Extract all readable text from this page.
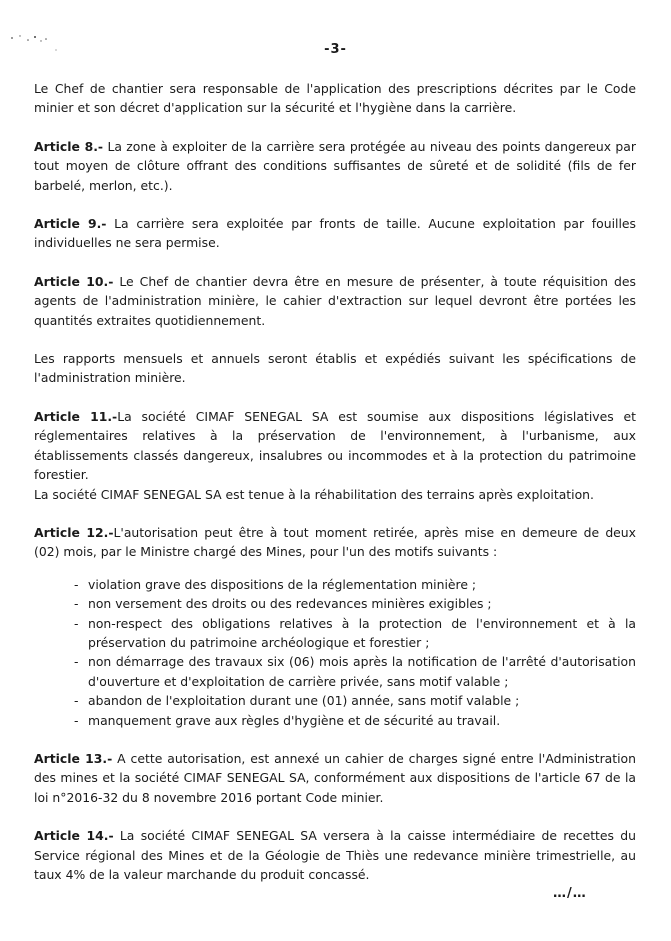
-3-

Le Chef de chantier sera responsable de l'application des prescriptions décrites par le Code minier et son décret d'application sur la sécurité et l'hygiène dans la carrière.

Article 8.- La zone à exploiter de la carrière sera protégée au niveau des points dangereux par tout moyen de clôture offrant des conditions suffisantes de sûreté et de solidité (fils de fer barbelé, merlon, etc.).

Article 9.- La carrière sera exploitée par fronts de taille. Aucune exploitation par fouilles individuelles ne sera permise.

Article 10.- Le Chef de chantier devra être en mesure de présenter, à toute réquisition des agents de l'administration minière, le cahier d'extraction sur lequel devront être portées les quantités extraites quotidiennement.

Les rapports mensuels et annuels seront établis et expédiés suivant les spécifications de l'administration minière.

Article 11.-La société CIMAF SENEGAL SA est soumise aux dispositions législatives et réglementaires relatives à la préservation de l'environnement, à l'urbanisme, aux établissements classés dangereux, insalubres ou incommodes et à la protection du patrimoine forestier.

La société CIMAF SENEGAL SA est tenue à la réhabilitation des terrains après exploitation.

Article 12.-L'autorisation peut être à tout moment retirée, après mise en demeure de deux (02) mois, par le Ministre chargé des Mines, pour l'un des motifs suivants :

- violation grave des dispositions de la réglementation minière ;
- non versement des droits ou des redevances minières exigibles ;
- non-respect des obligations relatives à la protection de l'environnement et à la préservation du patrimoine archéologique et forestier ;
- non démarrage des travaux six (06) mois après la notification de l'arrêté d'autorisation d'ouverture et d'exploitation de carrière privée, sans motif valable ;
- abandon de l'exploitation durant une (01) année, sans motif valable ;
- manquement grave aux règles d'hygiène et de sécurité au travail.

Article 13.- A cette autorisation, est annexé un cahier de charges signé entre l'Administration des mines et la société CIMAF SENEGAL SA, conformément aux dispositions de l'article 67 de la loi n°2016-32 du 8 novembre 2016 portant Code minier.

Article 14.- La société CIMAF SENEGAL SA versera à la caisse intermédiaire de recettes du Service régional des Mines et de la Géologie de Thiès une redevance minière trimestrielle, au taux 4% de la valeur marchande du produit concassé.

…/…
